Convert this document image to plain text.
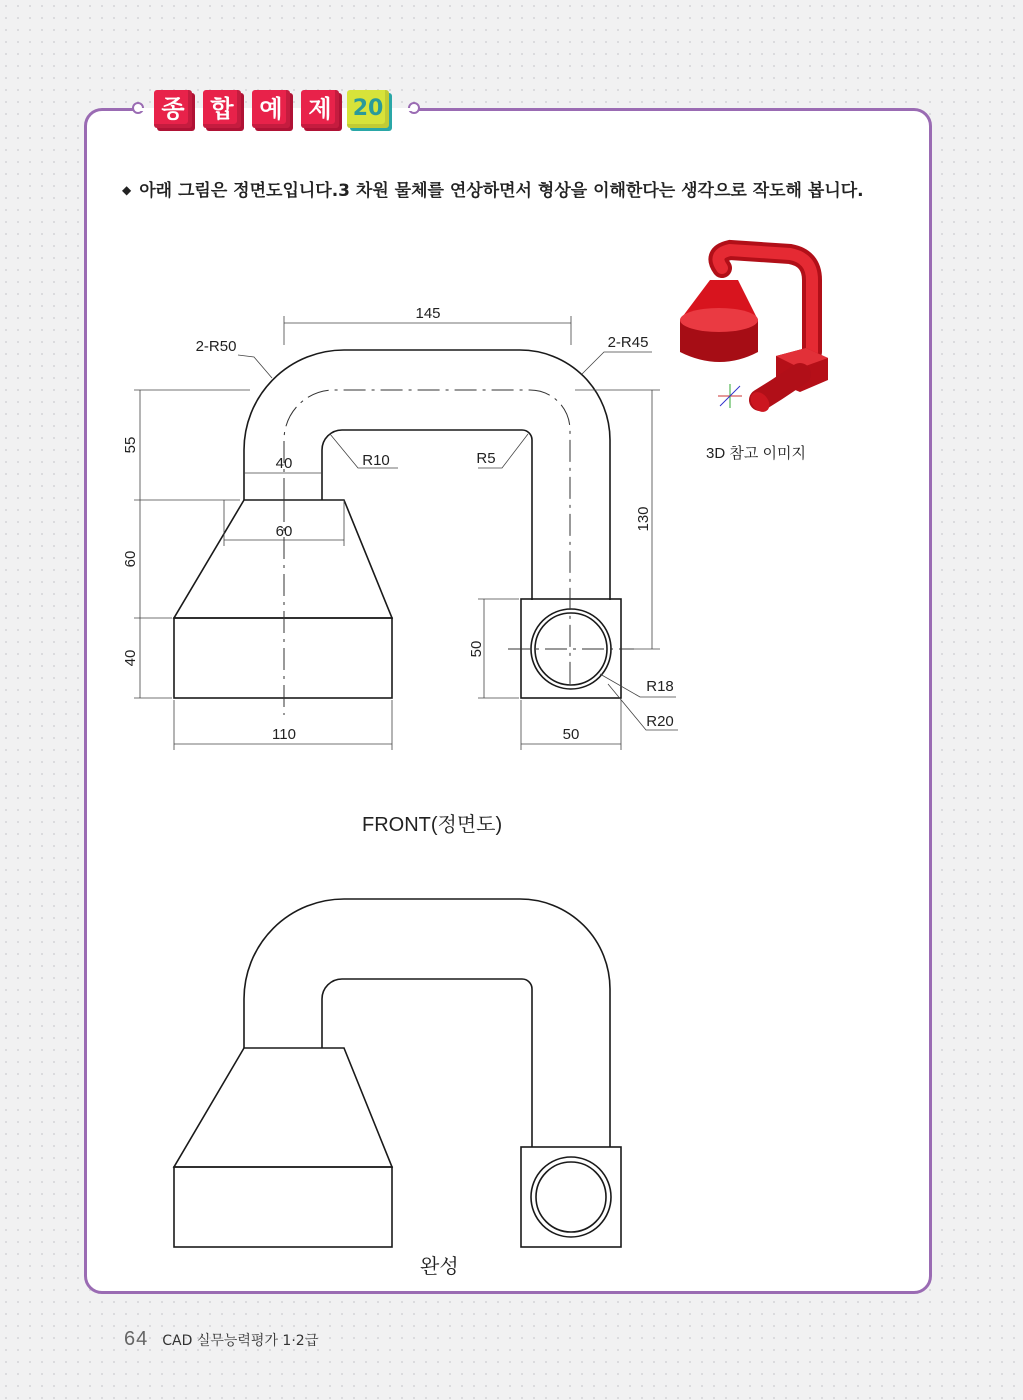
종	합	예	제 20
◆ 아래 그림은 정면도입니다.3 차원 물체를 연상하면서 형상을 이해한다는 생각으로 작도해 봅니다.
145
2-R50	2-R45
55
40	R10	R5
60
60
130
40
50
R18
R20
110	50
FRONT(정면도)
3D 참고 이미지
완성
64 CAD 실무능력평가 1·2급
